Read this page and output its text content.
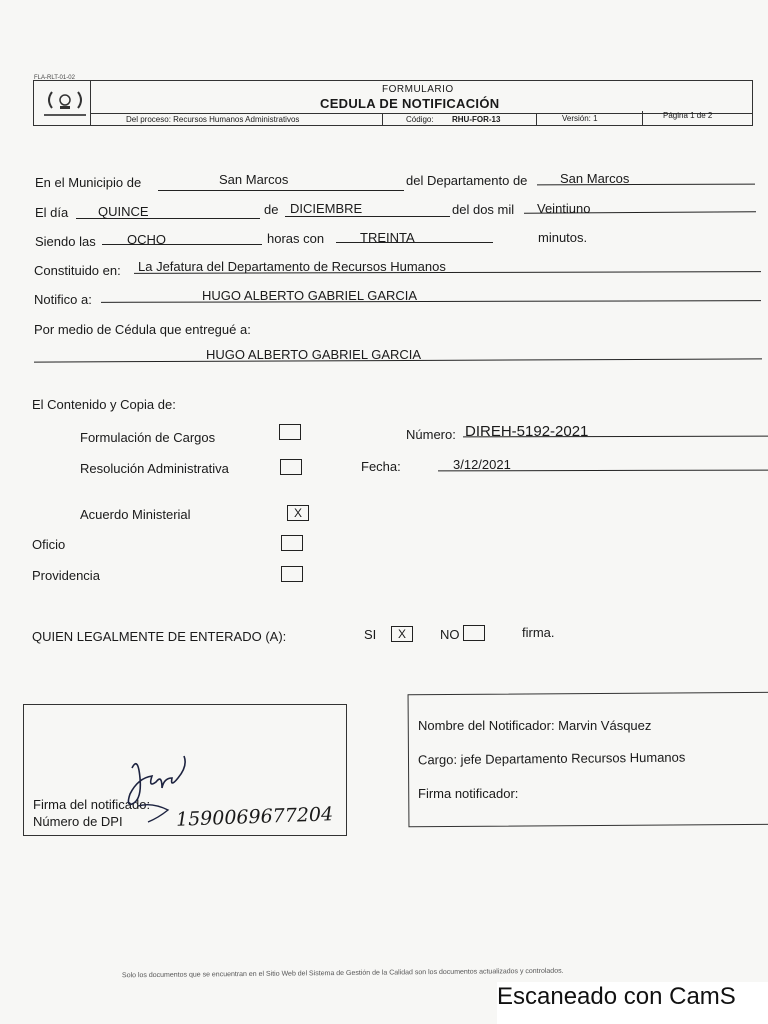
FLA-RLT-01-02
FORMULARIO
CEDULA DE NOTIFICACIÓN
Del proceso: Recursos Humanos Administrativos	Código: RHU-FOR-13	Versión: 1	Página 1 de 2
En el Municipio de	San Marcos	del Departamento de	San Marcos
El día QUINCE	de DICIEMBRE	del dos mil Veintiuno
Siendo las OCHO	horas con	TREINTA	minutos.
Constituido en: La Jefatura del Departamento de Recursos Humanos
Notifico a:	HUGO ALBERTO GABRIEL GARCIA
Por medio de Cédula que entregué a:
HUGO ALBERTO GABRIEL GARCIA
El Contenido y Copia de:
Formulación de Cargos
Resolución Administrativa
Acuerdo Ministerial	X
Oficio
Providencia
Número: DIREH-5192-2021
Fecha:	3/12/2021
QUIEN LEGALMENTE DE ENTERADO (A):	SI	X	NO	firma.
Firma del notificado:
Número de DPI	1590069677204
Nombre del Notificador: Marvin Vásquez
Cargo: jefe Departamento Recursos Humanos
Firma notificador:
Solo los documentos que se encuentran en el Sitio Web del Sistema de Gestión de la Calidad son los documentos actualizados y controlados.
Escaneado con CamS
